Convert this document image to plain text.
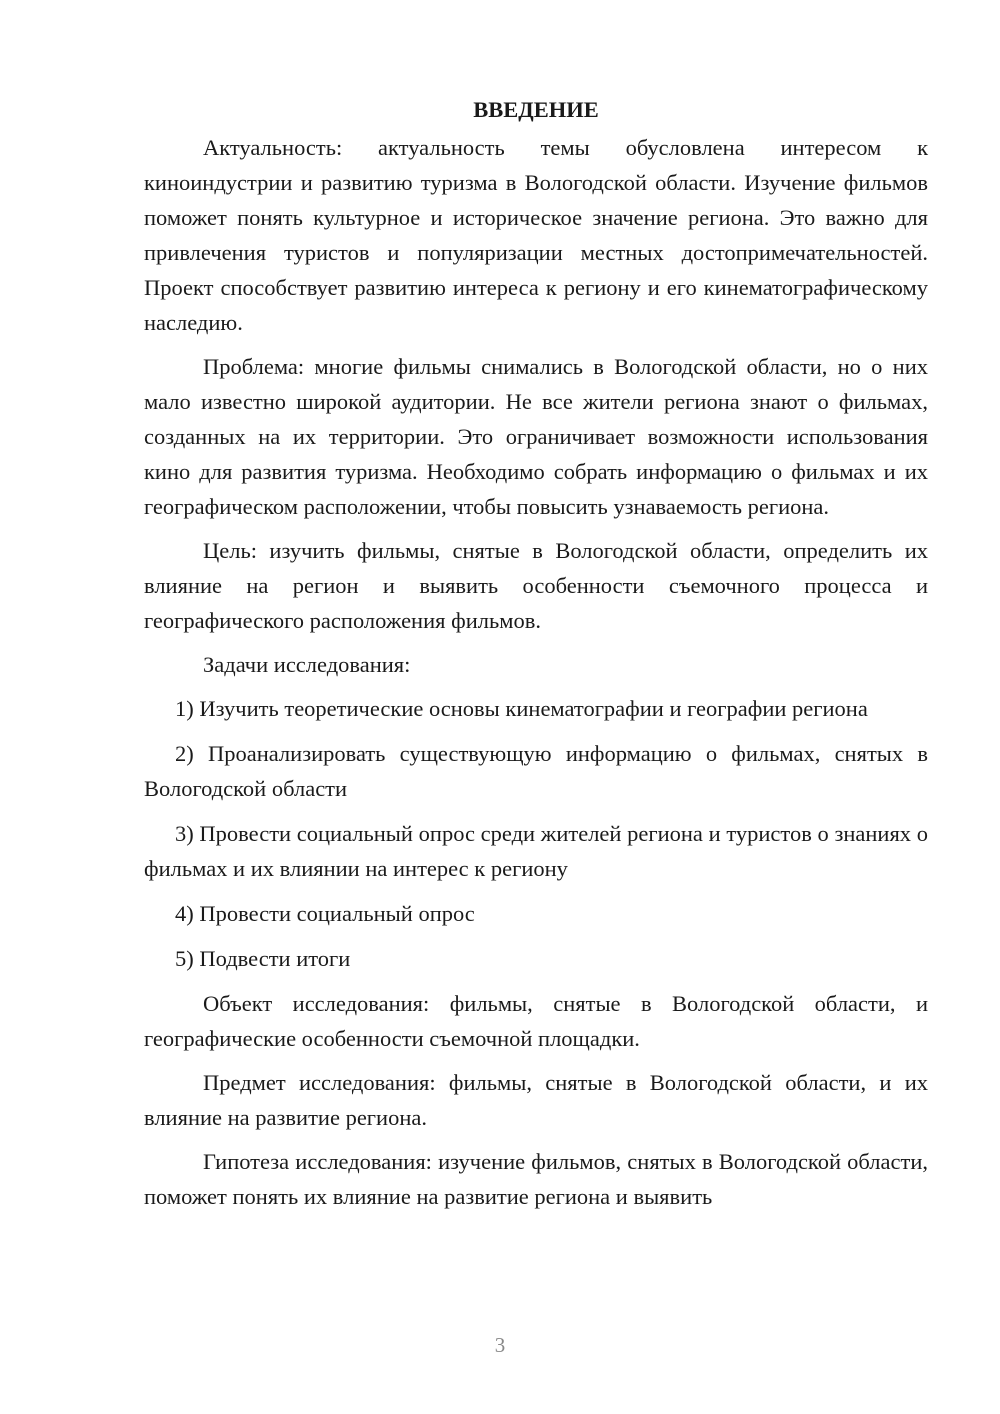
ВВЕДЕНИЕ

Актуальность: актуальность темы обусловлена интересом к киноиндустрии и развитию туризма в Вологодской области. Изучение фильмов поможет понять культурное и историческое значение региона. Это важно для привлечения туристов и популяризации местных достопримечательностей. Проект способствует развитию интереса к региону и его кинематографическому наследию.

Проблема: многие фильмы снимались в Вологодской области, но о них мало известно широкой аудитории. Не все жители региона знают о фильмах, созданных на их территории. Это ограничивает возможности использования кино для развития туризма. Необходимо собрать информацию о фильмах и их географическом расположении, чтобы повысить узнаваемость региона.

Цель: изучить фильмы, снятые в Вологодской области, определить их влияние на регион и выявить особенности съемочного процесса и географического расположения фильмов.

Задачи исследования:

1) Изучить теоретические основы кинематографии и географии региона

2) Проанализировать существующую информацию о фильмах, снятых в Вологодской области

3) Провести социальный опрос среди жителей региона и туристов о знаниях о фильмах и их влиянии на интерес к региону

4) Провести социальный опрос

5) Подвести итоги

Объект исследования: фильмы, снятые в Вологодской области, и географические особенности съемочной площадки.

Предмет исследования: фильмы, снятые в Вологодской области, и их влияние на развитие региона.

Гипотеза исследования: изучение фильмов, снятых в Вологодской области, поможет понять их влияние на развитие региона и выявить

3
